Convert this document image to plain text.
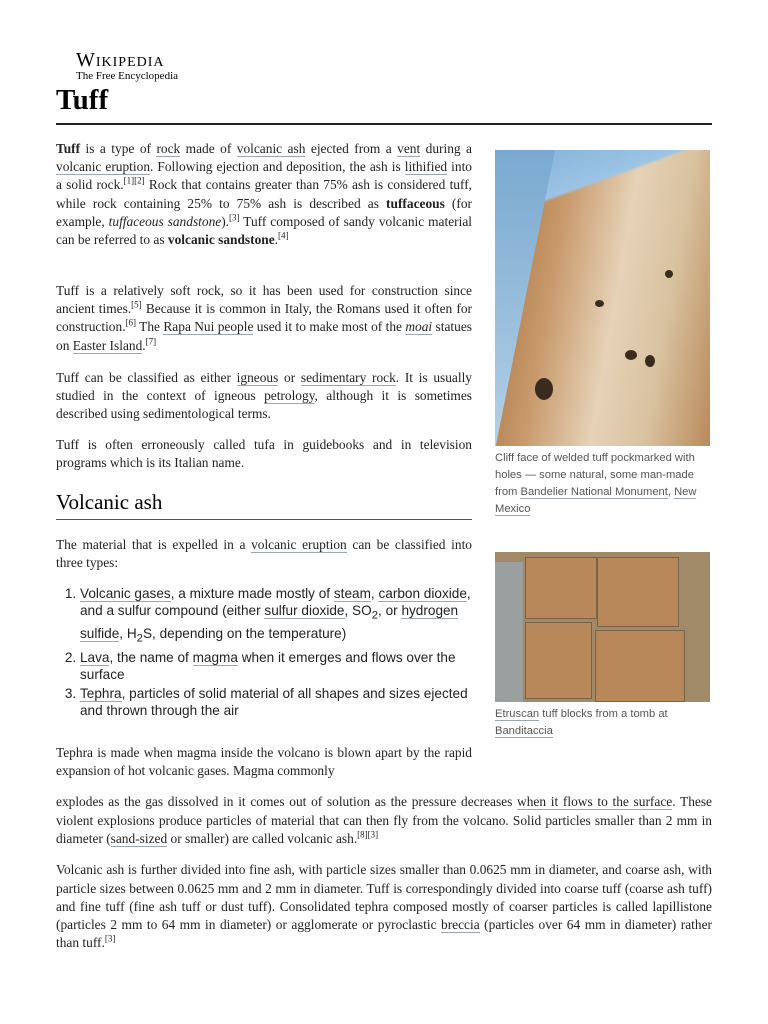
Wikipedia
The Free Encyclopedia
Tuff

Tuff is a type of rock made of volcanic ash ejected from a vent during a volcanic eruption. Following ejection and deposition, the ash is lithified into a solid rock.[1][2] Rock that contains greater than 75% ash is considered tuff, while rock containing 25% to 75% ash is described as tuffaceous (for example, tuffaceous sandstone).[3] Tuff composed of sandy volcanic material can be referred to as volcanic sandstone.[4]

Tuff is a relatively soft rock, so it has been used for construction since ancient times.[5] Because it is common in Italy, the Romans used it often for construction.[6] The Rapa Nui people used it to make most of the moai statues on Easter Island.[7]

Tuff can be classified as either igneous or sedimentary rock. It is usually studied in the context of igneous petrology, although it is sometimes described using sedimentological terms.

Tuff is often erroneously called tufa in guidebooks and in television programs which is its Italian name.

Volcanic ash

The material that is expelled in a volcanic eruption can be classified into three types:

1. Volcanic gases, a mixture made mostly of steam, carbon dioxide, and a sulfur compound (either sulfur dioxide, $SO_2$, or hydrogen sulfide, $H_2S$, depending on the temperature)
2. Lava, the name of magma when it emerges and flows over the surface
3. Tephra, particles of solid material of all shapes and sizes ejected and thrown through the air

Tephra is made when magma inside the volcano is blown apart by the rapid expansion of hot volcanic gases. Magma commonly

explodes as the gas dissolved in it comes out of solution as the pressure decreases when it flows to the surface. These violent explosions produce particles of material that can then fly from the volcano. Solid particles smaller than 2 mm in diameter (sand-sized or smaller) are called volcanic ash.[8][3]

Volcanic ash is further divided into fine ash, with particle sizes smaller than 0.0625 mm in diameter, and coarse ash, with particle sizes between 0.0625 mm and 2 mm in diameter. Tuff is correspondingly divided into coarse tuff (coarse ash tuff) and fine tuff (fine ash tuff or dust tuff). Consolidated tephra composed mostly of coarser particles is called lapillistone (particles 2 mm to 64 mm in diameter) or agglomerate or pyroclastic breccia (particles over 64 mm in diameter) rather than tuff.[3]

Cliff face of welded tuff pockmarked with holes — some natural, some man-made from Bandelier National Monument, New Mexico
Etruscan tuff blocks from a tomb at Banditaccia
